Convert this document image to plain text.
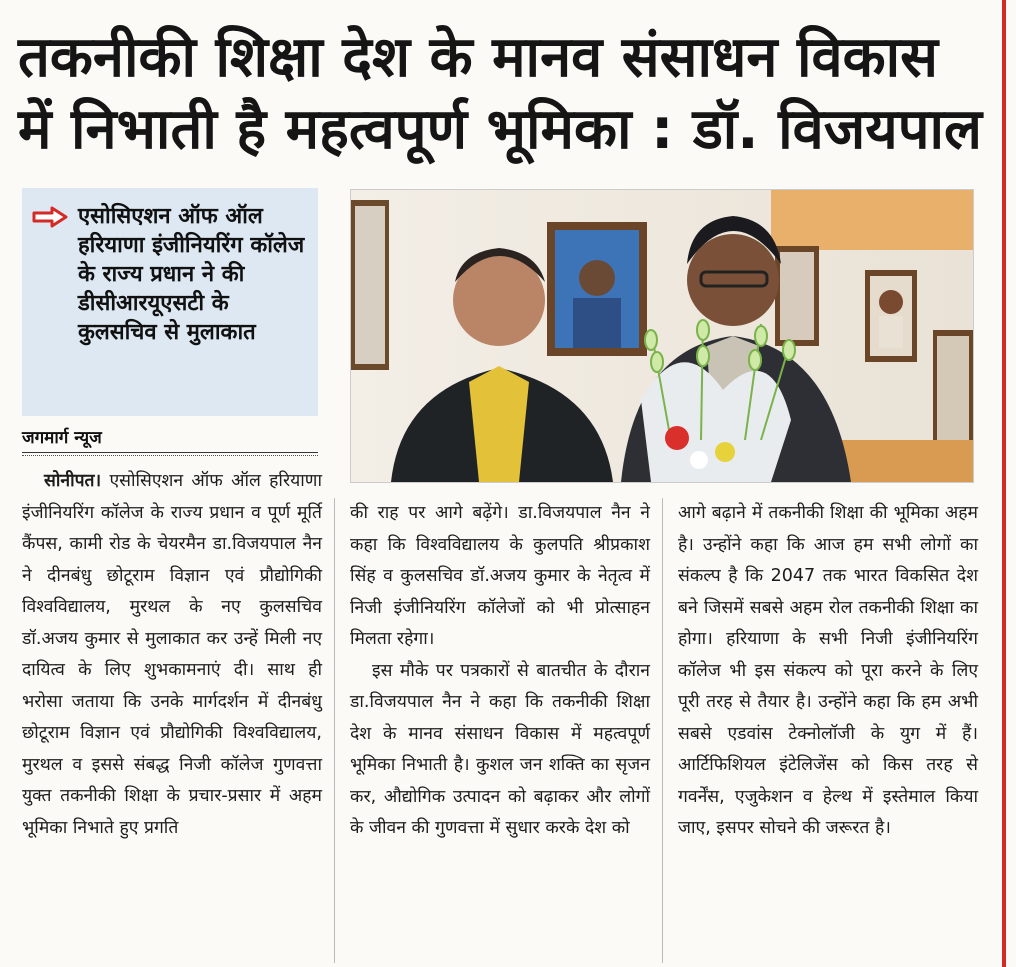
तकनीकी शिक्षा देश के मानव संसाधन विकास
में निभाती है महत्वपूर्ण भूमिका : डॉ. विजयपाल
एसोसिएशन ऑफ ऑल हरियाणा इंजीनियरिंग कॉलेज के राज्य प्रधान ने की डीसीआरयूएसटी के कुलसचिव से मुलाकात
जगमार्ग न्यूज

सोनीपत। एसोसिएशन ऑफ ऑल हरियाणा इंजीनियरिंग कॉलेज के राज्य प्रधान व पूर्ण मूर्ति कैंपस, कामी रोड के चेयरमैन डा.विजयपाल नैन ने दीनबंधु छोटूराम विज्ञान एवं प्रौद्योगिकी विश्वविद्यालय, मुरथल के नए कुलसचिव डॉ.अजय कुमार से मुलाकात कर उन्हें मिली नए दायित्व के लिए शुभकामनाएं दी। साथ ही भरोसा जताया कि उनके मार्गदर्शन में दीनबंधु छोटूराम विज्ञान एवं प्रौद्योगिकी विश्वविद्यालय, मुरथल व इससे संबद्ध निजी कॉलेज गुणवत्ता युक्त तकनीकी शिक्षा के प्रचार-प्रसार में अहम भूमिका निभाते हुए प्रगति

की राह पर आगे बढ़ेंगे। डा.विजयपाल नैन ने कहा कि विश्वविद्यालय के कुलपति श्रीप्रकाश सिंह व कुलसचिव डॉ.अजय कुमार के नेतृत्व में निजी इंजीनियरिंग कॉलेजों को भी प्रोत्साहन मिलता रहेगा।

इस मौके पर पत्रकारों से बातचीत के दौरान डा.विजयपाल नैन ने कहा कि तकनीकी शिक्षा देश के मानव संसाधन विकास में महत्वपूर्ण भूमिका निभाती है। कुशल जन शक्ति का सृजन कर, औद्योगिक उत्पादन को बढ़ाकर और लोगों के जीवन की गुणवत्ता में सुधार करके देश को

आगे बढ़ाने में तकनीकी शिक्षा की भूमिका अहम है। उन्होंने कहा कि आज हम सभी लोगों का संकल्प है कि 2047 तक भारत विकसित देश बने जिसमें सबसे अहम रोल तकनीकी शिक्षा का होगा। हरियाणा के सभी निजी इंजीनियरिंग कॉलेज भी इस संकल्प को पूरा करने के लिए पूरी तरह से तैयार है। उन्होंने कहा कि हम अभी सबसे एडवांस टेक्नोलॉजी के युग में हैं। आर्टिफिशियल इंटेलिजेंस को किस तरह से गवर्नेंस, एजुकेशन व हेल्थ में इस्तेमाल किया जाए, इसपर सोचने की जरूरत है।
